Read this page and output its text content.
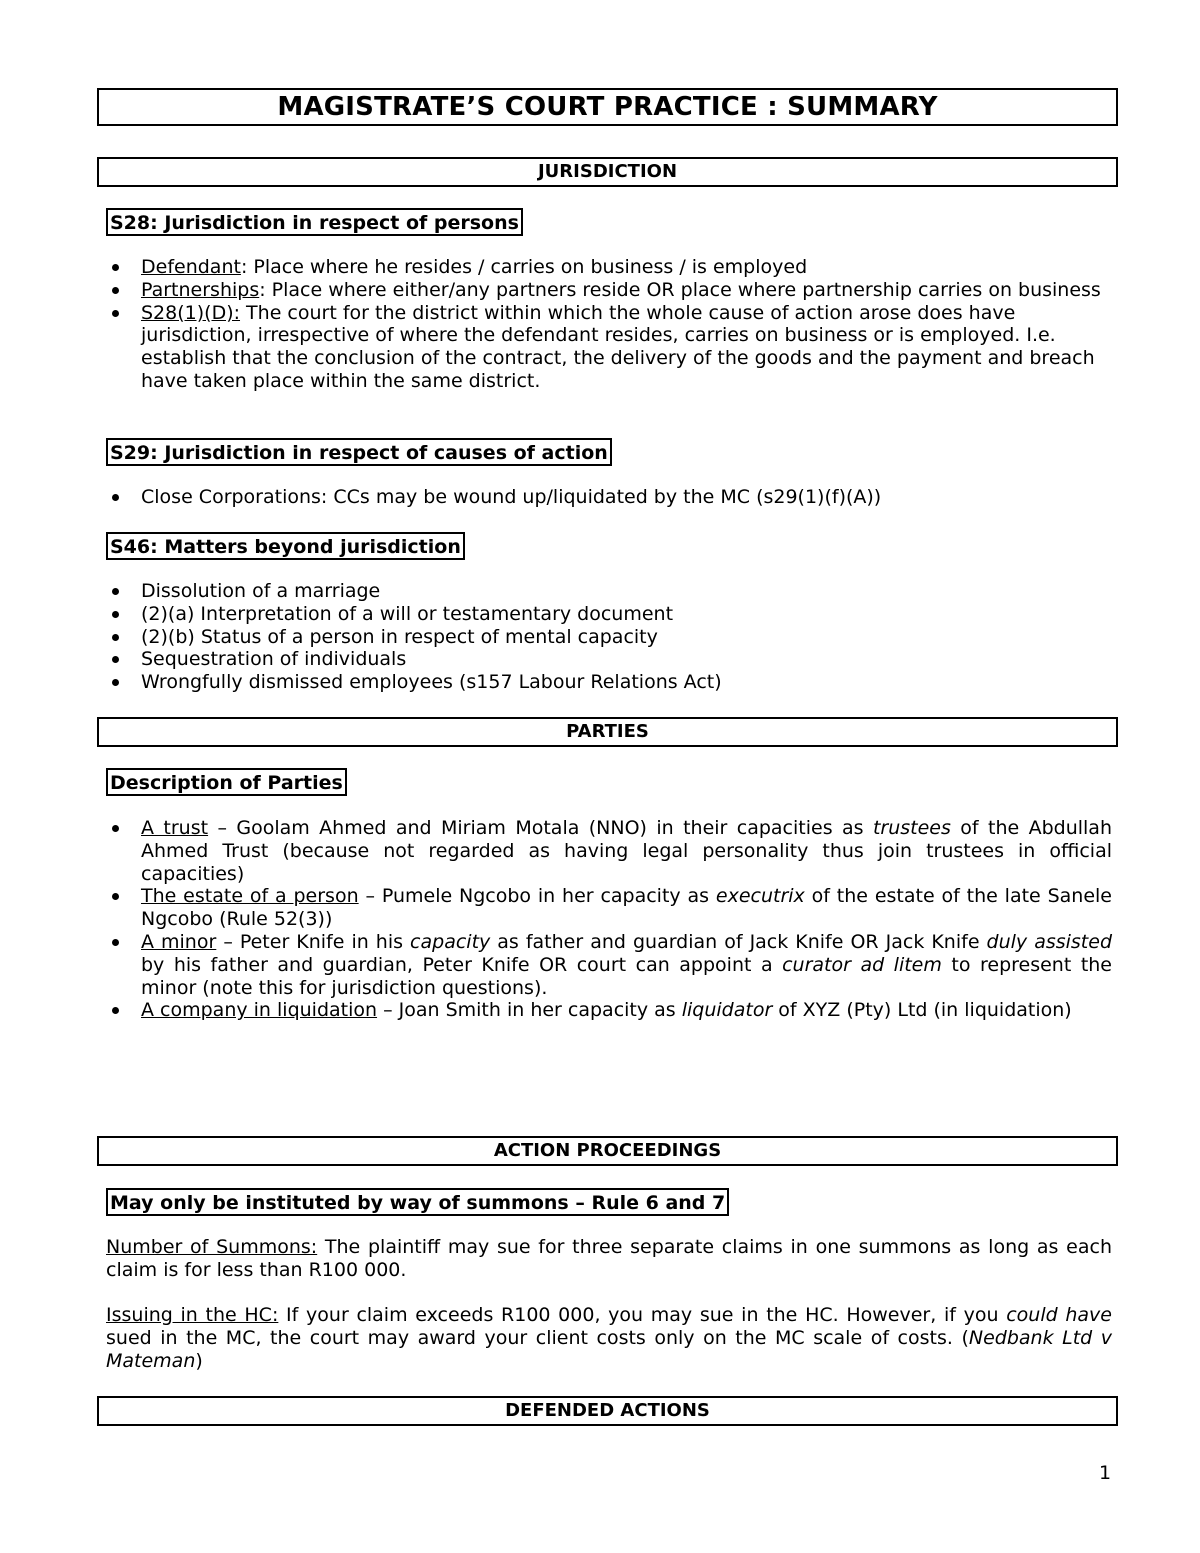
MAGISTRATE’S COURT PRACTICE : SUMMARY
JURISDICTION
S28: Jurisdiction in respect of persons
Defendant: Place where he resides / carries on business / is employed
Partnerships: Place where either/any partners reside OR place where partnership carries on business
S28(1)(D): The court for the district within which the whole cause of action arose does have jurisdiction, irrespective of where the defendant resides, carries on business or is employed. I.e. establish that the conclusion of the contract, the delivery of the goods and the payment and breach have taken place within the same district.
S29: Jurisdiction in respect of causes of action
Close Corporations: CCs may be wound up/liquidated by the MC (s29(1)(f)(A))
S46: Matters beyond jurisdiction
Dissolution of a marriage
(2)(a) Interpretation of a will or testamentary document
(2)(b) Status of a person in respect of mental capacity
Sequestration of individuals
Wrongfully dismissed employees (s157 Labour Relations Act)
PARTIES
Description of Parties
A trust – Goolam Ahmed and Miriam Motala (NNO) in their capacities as trustees of the Abdullah Ahmed Trust (because not regarded as having legal personality thus join trustees in official capacities)
The estate of a person – Pumele Ngcobo in her capacity as executrix of the estate of the late Sanele Ngcobo (Rule 52(3))
A minor – Peter Knife in his capacity as father and guardian of Jack Knife OR Jack Knife duly assisted by his father and guardian, Peter Knife OR court can appoint a curator ad litem to represent the minor (note this for jurisdiction questions).
A company in liquidation – Joan Smith in her capacity as liquidator of XYZ (Pty) Ltd (in liquidation)
ACTION PROCEEDINGS
May only be instituted by way of summons – Rule 6 and 7
Number of Summons: The plaintiff may sue for three separate claims in one summons as long as each claim is for less than R100 000.
Issuing in the HC: If your claim exceeds R100 000, you may sue in the HC. However, if you could have sued in the MC, the court may award your client costs only on the MC scale of costs. (Nedbank Ltd v Mateman)
DEFENDED ACTIONS
1
